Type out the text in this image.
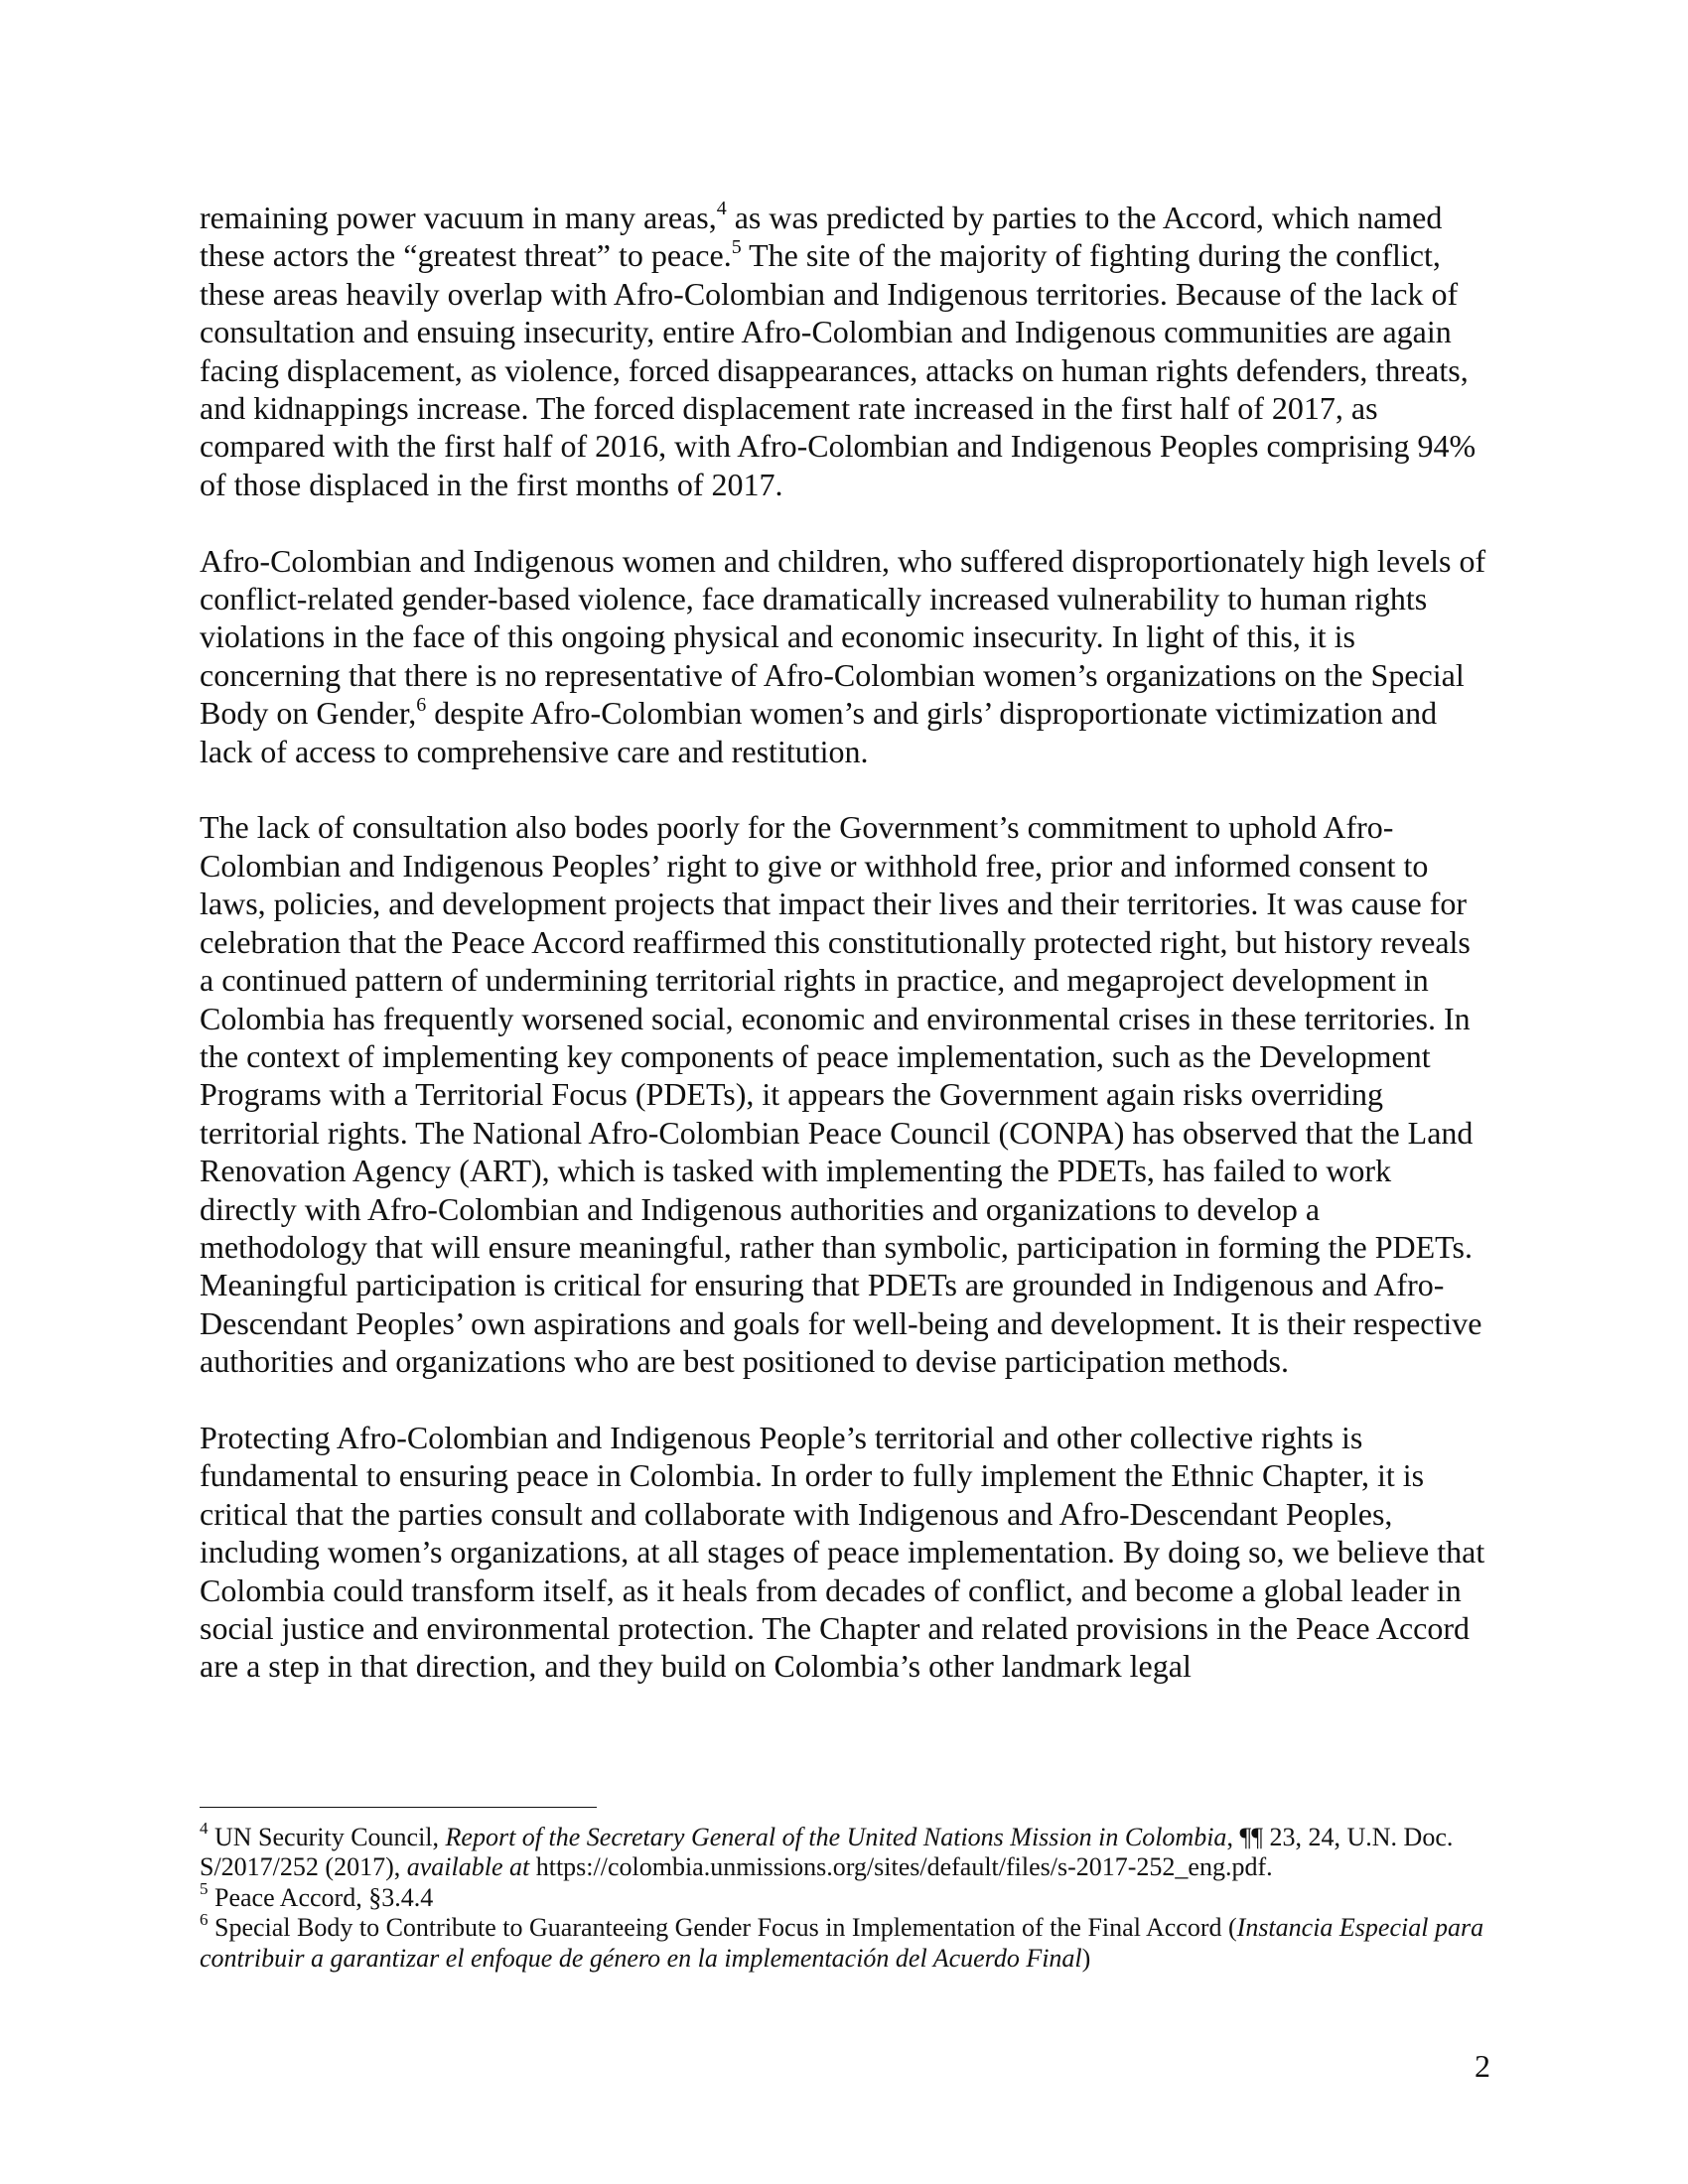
remaining power vacuum in many areas,$^4$ as was predicted by parties to the Accord, which named these actors the “greatest threat” to peace.$^5$ The site of the majority of fighting during the conflict, these areas heavily overlap with Afro-Colombian and Indigenous territories. Because of the lack of consultation and ensuing insecurity, entire Afro-Colombian and Indigenous communities are again facing displacement, as violence, forced disappearances, attacks on human rights defenders, threats, and kidnappings increase. The forced displacement rate increased in the first half of 2017, as compared with the first half of 2016, with Afro-Colombian and Indigenous Peoples comprising 94% of those displaced in the first months of 2017.

Afro-Colombian and Indigenous women and children, who suffered disproportionately high levels of conflict-related gender-based violence, face dramatically increased vulnerability to human rights violations in the face of this ongoing physical and economic insecurity. In light of this, it is concerning that there is no representative of Afro-Colombian women’s organizations on the Special Body on Gender,$^6$ despite Afro-Colombian women’s and girls’ disproportionate victimization and lack of access to comprehensive care and restitution.

The lack of consultation also bodes poorly for the Government’s commitment to uphold Afro-Colombian and Indigenous Peoples’ right to give or withhold free, prior and informed consent to laws, policies, and development projects that impact their lives and their territories. It was cause for celebration that the Peace Accord reaffirmed this constitutionally protected right, but history reveals a continued pattern of undermining territorial rights in practice, and megaproject development in Colombia has frequently worsened social, economic and environmental crises in these territories. In the context of implementing key components of peace implementation, such as the Development Programs with a Territorial Focus (PDETs), it appears the Government again risks overriding territorial rights. The National Afro-Colombian Peace Council (CONPA) has observed that the Land Renovation Agency (ART), which is tasked with implementing the PDETs, has failed to work directly with Afro-Colombian and Indigenous authorities and organizations to develop a methodology that will ensure meaningful, rather than symbolic, participation in forming the PDETs. Meaningful participation is critical for ensuring that PDETs are grounded in Indigenous and Afro-Descendant Peoples’ own aspirations and goals for well-being and development. It is their respective authorities and organizations who are best positioned to devise participation methods.

Protecting Afro-Colombian and Indigenous People’s territorial and other collective rights is fundamental to ensuring peace in Colombia. In order to fully implement the Ethnic Chapter, it is critical that the parties consult and collaborate with Indigenous and Afro-Descendant Peoples, including women’s organizations, at all stages of peace implementation. By doing so, we believe that Colombia could transform itself, as it heals from decades of conflict, and become a global leader in social justice and environmental protection. The Chapter and related provisions in the Peace Accord are a step in that direction, and they build on Colombia’s other landmark legal

$^4$ UN Security Council, Report of the Secretary General of the United Nations Mission in Colombia, ¶¶ 23, 24, U.N. Doc. S/2017/252 (2017), available at https://colombia.unmissions.org/sites/default/files/s-2017-252_eng.pdf.

$^5$ Peace Accord, §3.4.4

$^6$ Special Body to Contribute to Guaranteeing Gender Focus in Implementation of the Final Accord (Instancia Especial para contribuir a garantizar el enfoque de género en la implementación del Acuerdo Final)

2
